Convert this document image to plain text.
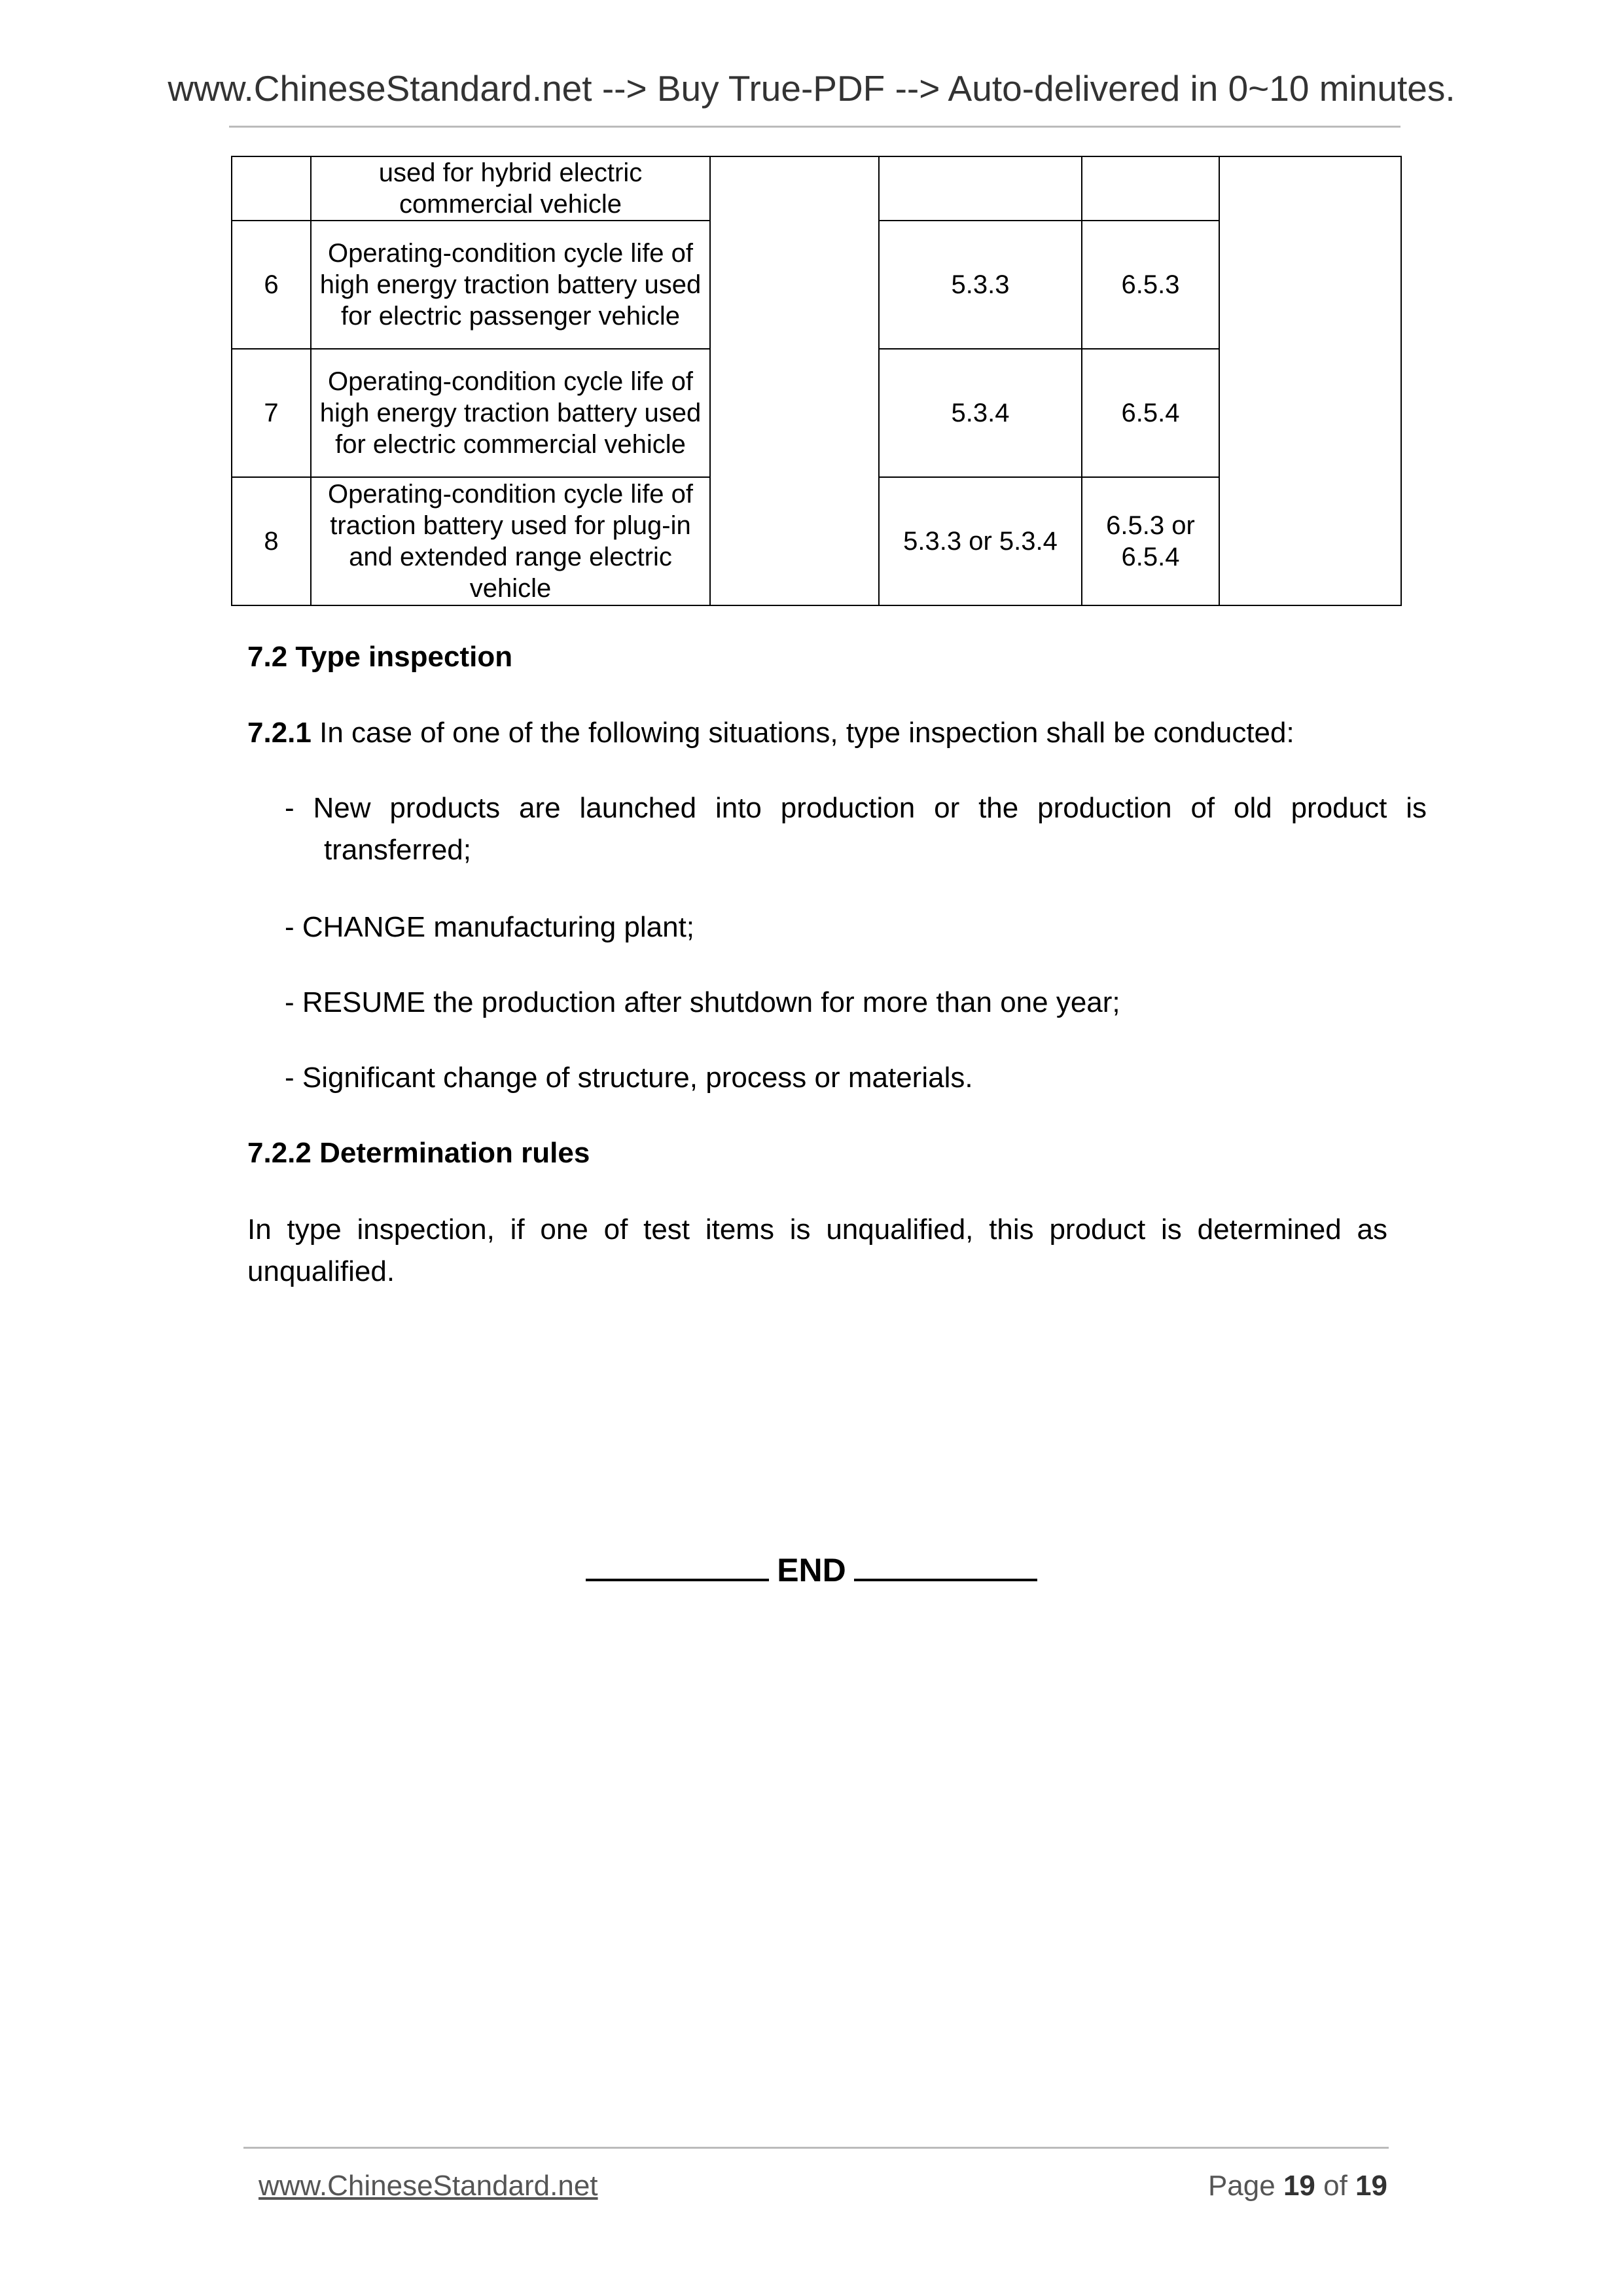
www.ChineseStandard.net --> Buy True-PDF --> Auto-delivered in 0~10 minutes.
	used for hybrid electric commercial vehicle				
6	Operating-condition cycle life of high energy traction battery used for electric passenger vehicle		5.3.3	6.5.3	
7	Operating-condition cycle life of high energy traction battery used for electric commercial vehicle		5.3.4	6.5.4	
8	Operating-condition cycle life of traction battery used for plug-in and extended range electric vehicle		5.3.3 or 5.3.4	6.5.3 or 6.5.4	
7.2 Type inspection
7.2.1 In case of one of the following situations, type inspection shall be conducted:
- New products are launched into production or the production of old product is transferred;
- CHANGE manufacturing plant;
- RESUME the production after shutdown for more than one year;
- Significant change of structure, process or materials.
7.2.2 Determination rules
In type inspection, if one of test items is unqualified, this product is determined as unqualified.
END
www.ChineseStandard.net	Page 19 of 19
